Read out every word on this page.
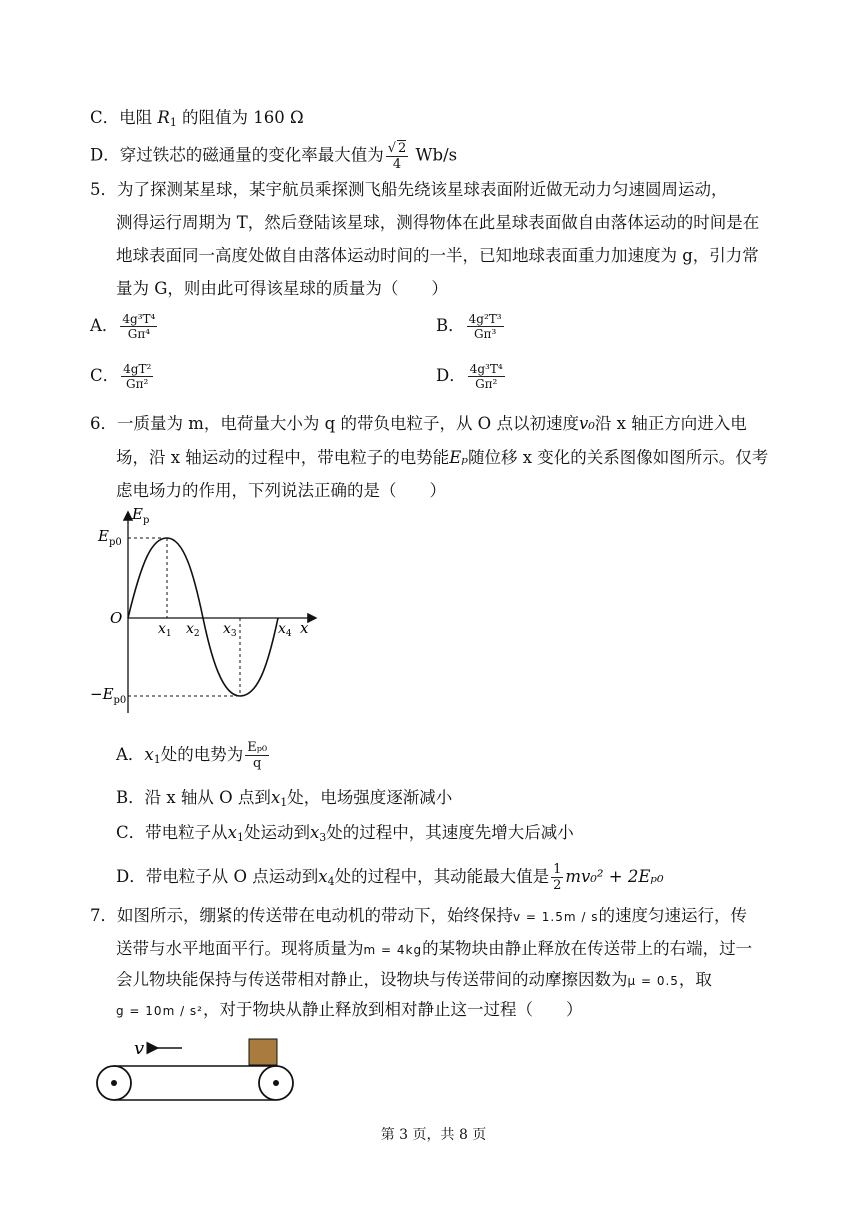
C．电阻 $R_1$ 的阻值为 160 Ω
D．穿过铁芯的磁通量的变化率最大值为 $\frac{√ 2}{4} Wb/s$
5．为了探测某星球，某宇航员乘探测飞船先绕该星球表面附近做无动力匀速圆周运动，
测得运行周期为 T，然后登陆该星球，测得物体在此星球表面做自由落体运动的时间是在
地球表面同一高度处做自由落体运动时间的一半，已知地球表面重力加速度为 g，引力常
量为 G，则由此可得该星球的质量为（　　）
A． $\frac{\text{4g³T⁴}}{\text{Gπ⁴}}$	B． $\frac{\text{4g²T³}}{\text{Gπ³}}$
C． $\frac{\text{4gT²}}{\text{Gπ²}}$	D． $\frac{\text{4g³T⁴}}{\text{Gπ²}}$
6．一质量为 m，电荷量大小为 q 的带负电粒子，从 O 点以初速度v₀沿 x 轴正方向进入电
场，沿 x 轴运动的过程中，带电粒子的电势能Eₚ随位移 x 变化的关系图像如图所示。仅考
虑电场力的作用，下列说法正确的是（　　）
$E_p$
$E_{p0}$
O
$x_1$ $x_2$ $x_3$	$x_4$ x
$-E_{p0}$
A．$x_1$处的电势为 $\frac{\text{Eₚ₀}}{q}$
B．沿 x 轴从 O 点到$x_1$处，电场强度逐渐减小
C．带电粒子从$x_1$处运动到$x_3$处的过程中，其速度先增大后减小
D．带电粒子从 O 点运动到$x_4$处的过程中，其动能最大值是 $\frac{1}{2} mv_0^2 + 2E_{p0}$
7．如图所示，绷紧的传送带在电动机的带动下，始终保持v = 1.5m / s的速度匀速运行，传
送带与水平地面平行。现将质量为m = 4kg的某物块由静止释放在传送带上的右端，过一
会儿物块能保持与传送带相对静止，设物块与传送带间的动摩擦因数为μ = 0.5，取
g = 10m / s²，对于物块从静止释放到相对静止这一过程（　　）
v
第 3 页，共 8 页
